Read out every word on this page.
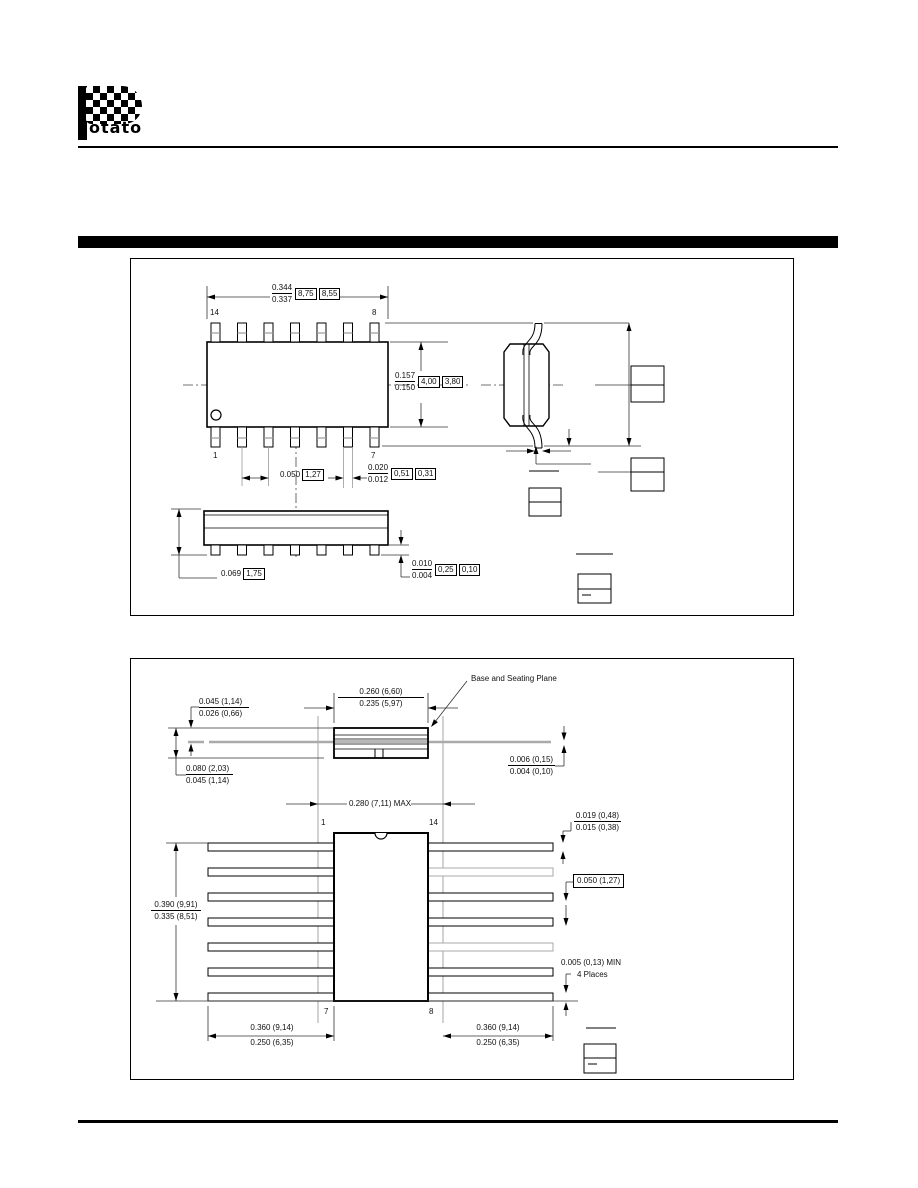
otato
14	8
1	7
0.344
0.337
8,75 8,55
0.157
0.150
4,00 3,80
0.050 1,27
0.020
0.012
0,51 0,31
0.069 1,75
0.010
0.004
0,25 0,10
Base and Seating Plane
0.260 (6,60)
0.235 (5,97)
0.045 (1,14)
0.026 (0,66)
0.080 (2,03)
0.045 (1,14)
0.006 (0,15)
0.004 (0,10)
0.280 (7,11) MAX
1	14
7	8
0.019 (0,48)
0.015 (0,38)
0.050 (1,27)
0.390 (9,91)
0.335 (8,51)
0.005 (0,13) MIN
4 Places
0.360 (9,14)
0.250 (6,35)
0.360 (9,14)
0.250 (6,35)
